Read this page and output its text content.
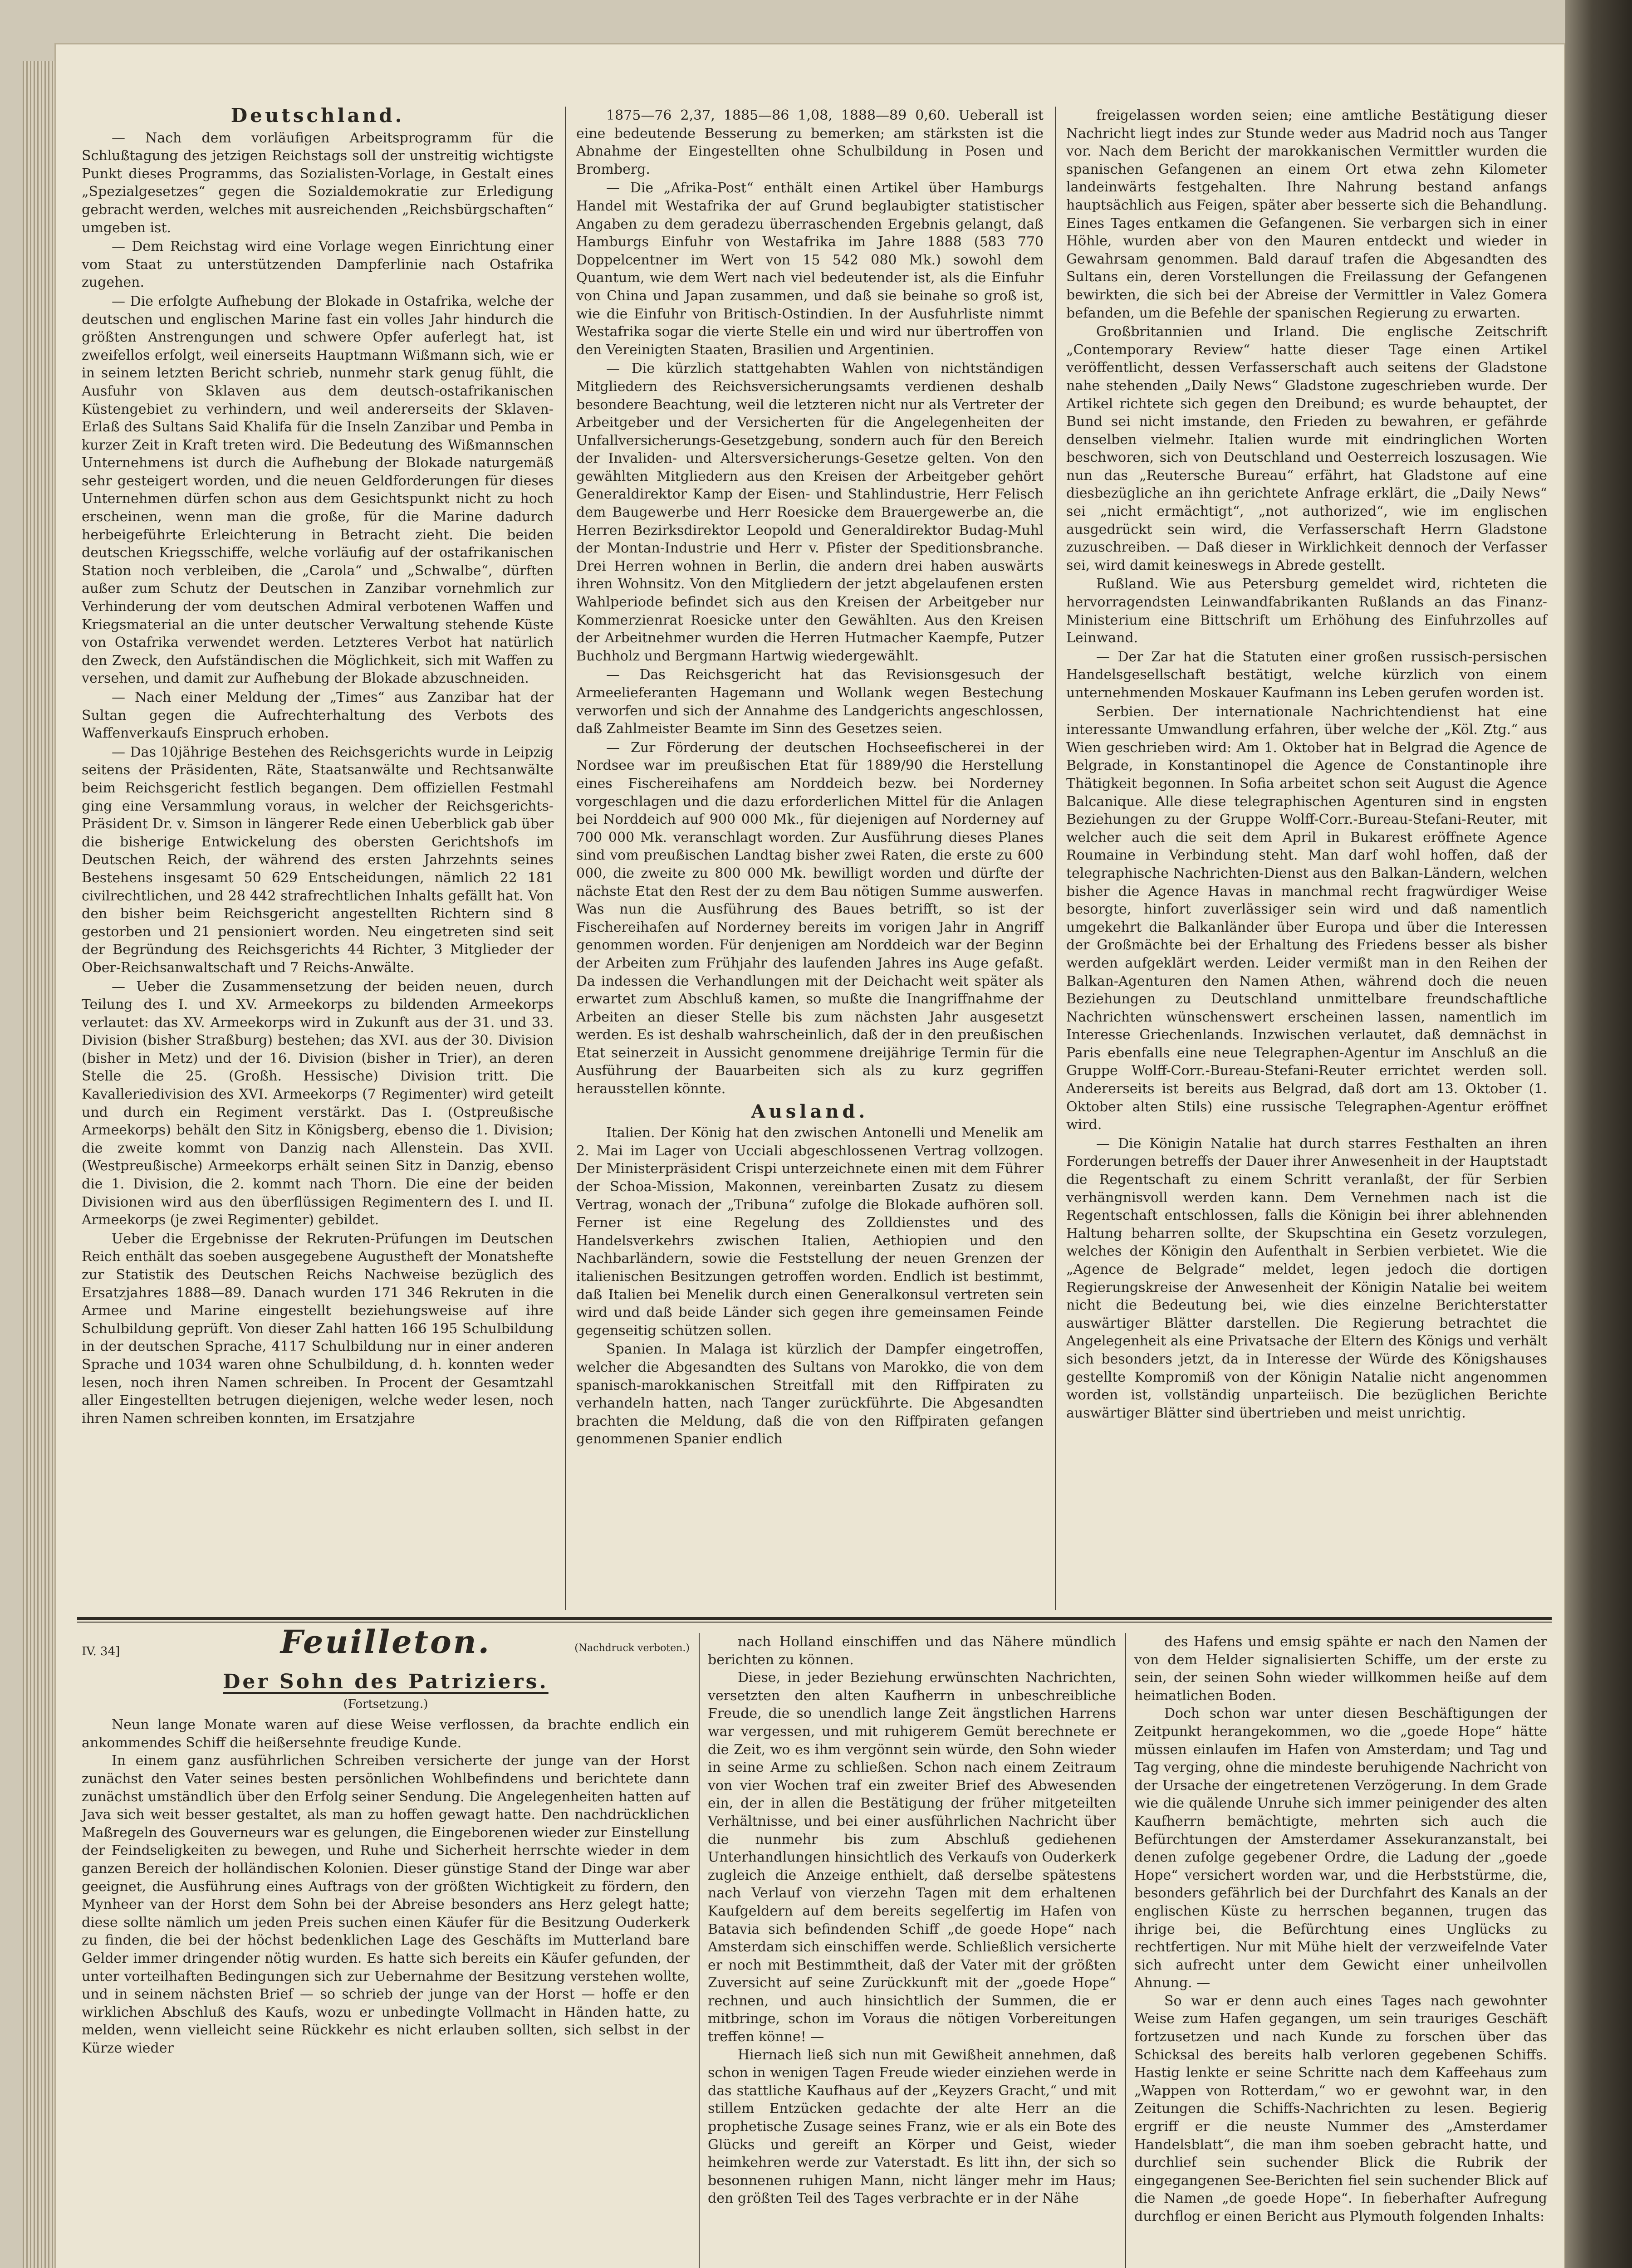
Deutschland.

— Nach dem vorläufigen Arbeitsprogramm für die Schlußtagung des jetzigen Reichstags soll der unstreitig wichtigste Punkt dieses Programms, das Sozialisten-Vorlage, in Gestalt eines „Spezialgesetzes“ gegen die Sozialdemokratie zur Erledigung gebracht werden, welches mit ausreichenden „Reichsbürgschaften“ umgeben ist.

— Dem Reichstag wird eine Vorlage wegen Einrichtung einer vom Staat zu unterstützenden Dampferlinie nach Ostafrika zugehen.

— Die erfolgte Aufhebung der Blokade in Ostafrika, welche der deutschen und englischen Marine fast ein volles Jahr hindurch die größten Anstrengungen und schwere Opfer auferlegt hat, ist zweifellos erfolgt, weil einerseits Hauptmann Wißmann sich, wie er in seinem letzten Bericht schrieb, nunmehr stark genug fühlt, die Ausfuhr von Sklaven aus dem deutsch-ostafrikanischen Küstengebiet zu verhindern, und weil andererseits der Sklaven-Erlaß des Sultans Said Khalifa für die Inseln Zanzibar und Pemba in kurzer Zeit in Kraft treten wird. Die Bedeutung des Wißmannschen Unternehmens ist durch die Aufhebung der Blokade naturgemäß sehr gesteigert worden, und die neuen Geldforderungen für dieses Unternehmen dürfen schon aus dem Gesichtspunkt nicht zu hoch erscheinen, wenn man die große, für die Marine dadurch herbeigeführte Erleichterung in Betracht zieht. Die beiden deutschen Kriegsschiffe, welche vorläufig auf der ostafrikanischen Station noch verbleiben, die „Carola“ und „Schwalbe“, dürften außer zum Schutz der Deutschen in Zanzibar vornehmlich zur Verhinderung der vom deutschen Admiral verbotenen Waffen und Kriegsmaterial an die unter deutscher Verwaltung stehende Küste von Ostafrika verwendet werden. Letzteres Verbot hat natürlich den Zweck, den Aufständischen die Möglichkeit, sich mit Waffen zu versehen, und damit zur Aufhebung der Blokade abzuschneiden.

— Nach einer Meldung der „Times“ aus Zanzibar hat der Sultan gegen die Aufrechterhaltung des Verbots des Waffenverkaufs Einspruch erhoben.

— Das 10jährige Bestehen des Reichsgerichts wurde in Leipzig seitens der Präsidenten, Räte, Staatsanwälte und Rechtsanwälte beim Reichsgericht festlich begangen. Dem offiziellen Festmahl ging eine Versammlung voraus, in welcher der Reichsgerichts-Präsident Dr. v. Simson in längerer Rede einen Ueberblick gab über die bisherige Entwickelung des obersten Gerichtshofs im Deutschen Reich, der während des ersten Jahrzehnts seines Bestehens insgesamt 50 629 Entscheidungen, nämlich 22 181 civilrechtlichen, und 28 442 strafrechtlichen Inhalts gefällt hat. Von den bisher beim Reichsgericht angestellten Richtern sind 8 gestorben und 21 pensioniert worden. Neu eingetreten sind seit der Begründung des Reichsgerichts 44 Richter, 3 Mitglieder der Ober-Reichsanwaltschaft und 7 Reichs-Anwälte.

— Ueber die Zusammensetzung der beiden neuen, durch Teilung des I. und XV. Armeekorps zu bildenden Armeekorps verlautet: das XV. Armeekorps wird in Zukunft aus der 31. und 33. Division (bisher Straßburg) bestehen; das XVI. aus der 30. Division (bisher in Metz) und der 16. Division (bisher in Trier), an deren Stelle die 25. (Großh. Hessische) Division tritt. Die Kavalleriedivision des XVI. Armeekorps (7 Regimenter) wird geteilt und durch ein Regiment verstärkt. Das I. (Ostpreußische Armeekorps) behält den Sitz in Königsberg, ebenso die 1. Division; die zweite kommt von Danzig nach Allenstein. Das XVII. (Westpreußische) Armeekorps erhält seinen Sitz in Danzig, ebenso die 1. Division, die 2. kommt nach Thorn. Die eine der beiden Divisionen wird aus den überflüssigen Regimentern des I. und II. Armeekorps (je zwei Regimenter) gebildet.

Ueber die Ergebnisse der Rekruten-Prüfungen im Deutschen Reich enthält das soeben ausgegebene Augustheft der Monatshefte zur Statistik des Deutschen Reichs Nachweise bezüglich des Ersatzjahres 1888—89. Danach wurden 171 346 Rekruten in die Armee und Marine eingestellt beziehungsweise auf ihre Schulbildung geprüft. Von dieser Zahl hatten 166 195 Schulbildung in der deutschen Sprache, 4117 Schulbildung nur in einer anderen Sprache und 1034 waren ohne Schulbildung, d. h. konnten weder lesen, noch ihren Namen schreiben. In Procent der Gesamtzahl aller Eingestellten betrugen diejenigen, welche weder lesen, noch ihren Namen schreiben konnten, im Ersatzjahre

1875—76 2,37, 1885—86 1,08, 1888—89 0,60. Ueberall ist eine bedeutende Besserung zu bemerken; am stärksten ist die Abnahme der Eingestellten ohne Schulbildung in Posen und Bromberg.

— Die „Afrika-Post“ enthält einen Artikel über Hamburgs Handel mit Westafrika der auf Grund beglaubigter statistischer Angaben zu dem geradezu überraschenden Ergebnis gelangt, daß Hamburgs Einfuhr von Westafrika im Jahre 1888 (583 770 Doppelcentner im Wert von 15 542 080 Mk.) sowohl dem Quantum, wie dem Wert nach viel bedeutender ist, als die Einfuhr von China und Japan zusammen, und daß sie beinahe so groß ist, wie die Einfuhr von Britisch-Ostindien. In der Ausfuhrliste nimmt Westafrika sogar die vierte Stelle ein und wird nur übertroffen von den Vereinigten Staaten, Brasilien und Argentinien.

— Die kürzlich stattgehabten Wahlen von nichtständigen Mitgliedern des Reichsversicherungsamts verdienen deshalb besondere Beachtung, weil die letzteren nicht nur als Vertreter der Arbeitgeber und der Versicherten für die Angelegenheiten der Unfallversicherungs-Gesetzgebung, sondern auch für den Bereich der Invaliden- und Altersversicherungs-Gesetze gelten. Von den gewählten Mitgliedern aus den Kreisen der Arbeitgeber gehört Generaldirektor Kamp der Eisen- und Stahlindustrie, Herr Felisch dem Baugewerbe und Herr Roesicke dem Brauergewerbe an, die Herren Bezirksdirektor Leopold und Generaldirektor Budag-Muhl der Montan-Industrie und Herr v. Pfister der Speditionsbranche. Drei Herren wohnen in Berlin, die andern drei haben auswärts ihren Wohnsitz. Von den Mitgliedern der jetzt abgelaufenen ersten Wahlperiode befindet sich aus den Kreisen der Arbeitgeber nur Kommerzienrat Roesicke unter den Gewählten. Aus den Kreisen der Arbeitnehmer wurden die Herren Hutmacher Kaempfe, Putzer Buchholz und Bergmann Hartwig wiedergewählt.

— Das Reichsgericht hat das Revisionsgesuch der Armeelieferanten Hagemann und Wollank wegen Bestechung verworfen und sich der Annahme des Landgerichts angeschlossen, daß Zahlmeister Beamte im Sinn des Gesetzes seien.

— Zur Förderung der deutschen Hochseefischerei in der Nordsee war im preußischen Etat für 1889/90 die Herstellung eines Fischereihafens am Norddeich bezw. bei Norderney vorgeschlagen und die dazu erforderlichen Mittel für die Anlagen bei Norddeich auf 900 000 Mk., für diejenigen auf Norderney auf 700 000 Mk. veranschlagt worden. Zur Ausführung dieses Planes sind vom preußischen Landtag bisher zwei Raten, die erste zu 600 000, die zweite zu 800 000 Mk. bewilligt worden und dürfte der nächste Etat den Rest der zu dem Bau nötigen Summe auswerfen. Was nun die Ausführung des Baues betrifft, so ist der Fischereihafen auf Norderney bereits im vorigen Jahr in Angriff genommen worden. Für denjenigen am Norddeich war der Beginn der Arbeiten zum Frühjahr des laufenden Jahres ins Auge gefaßt. Da indessen die Verhandlungen mit der Deichacht weit später als erwartet zum Abschluß kamen, so mußte die Inangriffnahme der Arbeiten an dieser Stelle bis zum nächsten Jahr ausgesetzt werden. Es ist deshalb wahrscheinlich, daß der in den preußischen Etat seinerzeit in Aussicht genommene dreijährige Termin für die Ausführung der Bauarbeiten sich als zu kurz gegriffen herausstellen könnte.

Ausland.

Italien. Der König hat den zwischen Antonelli und Menelik am 2. Mai im Lager von Ucciali abgeschlossenen Vertrag vollzogen. Der Ministerpräsident Crispi unterzeichnete einen mit dem Führer der Schoa-Mission, Makonnen, vereinbarten Zusatz zu diesem Vertrag, wonach der „Tribuna“ zufolge die Blokade aufhören soll. Ferner ist eine Regelung des Zolldienstes und des Handelsverkehrs zwischen Italien, Aethiopien und den Nachbarländern, sowie die Feststellung der neuen Grenzen der italienischen Besitzungen getroffen worden. Endlich ist bestimmt, daß Italien bei Menelik durch einen Generalkonsul vertreten sein wird und daß beide Länder sich gegen ihre gemeinsamen Feinde gegenseitig schützen sollen.

Spanien. In Malaga ist kürzlich der Dampfer eingetroffen, welcher die Abgesandten des Sultans von Marokko, die von dem spanisch-marokkanischen Streitfall mit den Riffpiraten zu verhandeln hatten, nach Tanger zurückführte. Die Abgesandten brachten die Meldung, daß die von den Riffpiraten gefangen genommenen Spanier endlich

freigelassen worden seien; eine amtliche Bestätigung dieser Nachricht liegt indes zur Stunde weder aus Madrid noch aus Tanger vor. Nach dem Bericht der marokkanischen Vermittler wurden die spanischen Gefangenen an einem Ort etwa zehn Kilometer landeinwärts festgehalten. Ihre Nahrung bestand anfangs hauptsächlich aus Feigen, später aber besserte sich die Behandlung. Eines Tages entkamen die Gefangenen. Sie verbargen sich in einer Höhle, wurden aber von den Mauren entdeckt und wieder in Gewahrsam genommen. Bald darauf trafen die Abgesandten des Sultans ein, deren Vorstellungen die Freilassung der Gefangenen bewirkten, die sich bei der Abreise der Vermittler in Valez Gomera befanden, um die Befehle der spanischen Regierung zu erwarten.

Großbritannien und Irland. Die englische Zeitschrift „Contemporary Review“ hatte dieser Tage einen Artikel veröffentlicht, dessen Verfasserschaft auch seitens der Gladstone nahe stehenden „Daily News“ Gladstone zugeschrieben wurde. Der Artikel richtete sich gegen den Dreibund; es wurde behauptet, der Bund sei nicht imstande, den Frieden zu bewahren, er gefährde denselben vielmehr. Italien wurde mit eindringlichen Worten beschworen, sich von Deutschland und Oesterreich loszusagen. Wie nun das „Reutersche Bureau“ erfährt, hat Gladstone auf eine diesbezügliche an ihn gerichtete Anfrage erklärt, die „Daily News“ sei „nicht ermächtigt“, „not authorized“, wie im englischen ausgedrückt sein wird, die Verfasserschaft Herrn Gladstone zuzuschreiben. — Daß dieser in Wirklichkeit dennoch der Verfasser sei, wird damit keineswegs in Abrede gestellt.

Rußland. Wie aus Petersburg gemeldet wird, richteten die hervorragendsten Leinwandfabrikanten Rußlands an das Finanz-Ministerium eine Bittschrift um Erhöhung des Einfuhrzolles auf Leinwand.

— Der Zar hat die Statuten einer großen russisch-persischen Handelsgesellschaft bestätigt, welche kürzlich von einem unternehmenden Moskauer Kaufmann ins Leben gerufen worden ist.

Serbien. Der internationale Nachrichtendienst hat eine interessante Umwandlung erfahren, über welche der „Köl. Ztg.“ aus Wien geschrieben wird: Am 1. Oktober hat in Belgrad die Agence de Belgrade, in Konstantinopel die Agence de Constantinople ihre Thätigkeit begonnen. In Sofia arbeitet schon seit August die Agence Balcanique. Alle diese telegraphischen Agenturen sind in engsten Beziehungen zu der Gruppe Wolff-Corr.-Bureau-Stefani-Reuter, mit welcher auch die seit dem April in Bukarest eröffnete Agence Roumaine in Verbindung steht. Man darf wohl hoffen, daß der telegraphische Nachrichten-Dienst aus den Balkan-Ländern, welchen bisher die Agence Havas in manchmal recht fragwürdiger Weise besorgte, hinfort zuverlässiger sein wird und daß namentlich umgekehrt die Balkanländer über Europa und über die Interessen der Großmächte bei der Erhaltung des Friedens besser als bisher werden aufgeklärt werden. Leider vermißt man in den Reihen der Balkan-Agenturen den Namen Athen, während doch die neuen Beziehungen zu Deutschland unmittelbare freundschaftliche Nachrichten wünschenswert erscheinen lassen, namentlich im Interesse Griechenlands. Inzwischen verlautet, daß demnächst in Paris ebenfalls eine neue Telegraphen-Agentur im Anschluß an die Gruppe Wolff-Corr.-Bureau-Stefani-Reuter errichtet werden soll. Andererseits ist bereits aus Belgrad, daß dort am 13. Oktober (1. Oktober alten Stils) eine russische Telegraphen-Agentur eröffnet wird.

— Die Königin Natalie hat durch starres Festhalten an ihren Forderungen betreffs der Dauer ihrer Anwesenheit in der Hauptstadt die Regentschaft zu einem Schritt veranlaßt, der für Serbien verhängnisvoll werden kann. Dem Vernehmen nach ist die Regentschaft entschlossen, falls die Königin bei ihrer ablehnenden Haltung beharren sollte, der Skupschtina ein Gesetz vorzulegen, welches der Königin den Aufenthalt in Serbien verbietet. Wie die „Agence de Belgrade“ meldet, legen jedoch die dortigen Regierungskreise der Anwesenheit der Königin Natalie bei weitem nicht die Bedeutung bei, wie dies einzelne Berichterstatter auswärtiger Blätter darstellen. Die Regierung betrachtet die Angelegenheit als eine Privatsache der Eltern des Königs und verhält sich besonders jetzt, da in Interesse der Würde des Königshauses gestellte Kompromiß von der Königin Natalie nicht angenommen worden ist, vollständig unparteiisch. Die bezüglichen Berichte auswärtiger Blätter sind übertrieben und meist unrichtig.

IV. 34]	Feuilleton.	(Nachdruck verboten.)
Der Sohn des Patriziers.
(Fortsetzung.)

Neun lange Monate waren auf diese Weise verflossen, da brachte endlich ein ankommendes Schiff die heißersehnte freudige Kunde.

In einem ganz ausführlichen Schreiben versicherte der junge van der Horst zunächst den Vater seines besten persönlichen Wohlbefindens und berichtete dann zunächst umständlich über den Erfolg seiner Sendung. Die Angelegenheiten hatten auf Java sich weit besser gestaltet, als man zu hoffen gewagt hatte. Den nachdrücklichen Maßregeln des Gouverneurs war es gelungen, die Eingeborenen wieder zur Einstellung der Feindseligkeiten zu bewegen, und Ruhe und Sicherheit herrschte wieder in dem ganzen Bereich der holländischen Kolonien. Dieser günstige Stand der Dinge war aber geeignet, die Ausführung eines Auftrags von der größten Wichtigkeit zu fördern, den Mynheer van der Horst dem Sohn bei der Abreise besonders ans Herz gelegt hatte; diese sollte nämlich um jeden Preis suchen einen Käufer für die Besitzung Ouderkerk zu finden, die bei der höchst bedenklichen Lage des Geschäfts im Mutterland bare Gelder immer dringender nötig wurden. Es hatte sich bereits ein Käufer gefunden, der unter vorteilhaften Bedingungen sich zur Uebernahme der Besitzung verstehen wollte, und in seinem nächsten Brief — so schrieb der junge van der Horst — hoffe er den wirklichen Abschluß des Kaufs, wozu er unbedingte Vollmacht in Händen hatte, zu melden, wenn vielleicht seine Rückkehr es nicht erlauben sollten, sich selbst in der Kürze wieder

nach Holland einschiffen und das Nähere mündlich berichten zu können.

Diese, in jeder Beziehung erwünschten Nachrichten, versetzten den alten Kaufherrn in unbeschreibliche Freude, die so unendlich lange Zeit ängstlichen Harrens war vergessen, und mit ruhigerem Gemüt berechnete er die Zeit, wo es ihm vergönnt sein würde, den Sohn wieder in seine Arme zu schließen. Schon nach einem Zeitraum von vier Wochen traf ein zweiter Brief des Abwesenden ein, der in allen die Bestätigung der früher mitgeteilten Verhältnisse, und bei einer ausführlichen Nachricht über die nunmehr bis zum Abschluß gediehenen Unterhandlungen hinsichtlich des Verkaufs von Ouderkerk zugleich die Anzeige enthielt, daß derselbe spätestens nach Verlauf von vierzehn Tagen mit dem erhaltenen Kaufgeldern auf dem bereits segelfertig im Hafen von Batavia sich befindenden Schiff „de goede Hope“ nach Amsterdam sich einschiffen werde. Schließlich versicherte er noch mit Bestimmtheit, daß der Vater mit der größten Zuversicht auf seine Zurückkunft mit der „goede Hope“ rechnen, und auch hinsichtlich der Summen, die er mitbringe, schon im Voraus die nötigen Vorbereitungen treffen könne! —

Hiernach ließ sich nun mit Gewißheit annehmen, daß schon in wenigen Tagen Freude wieder einziehen werde in das stattliche Kaufhaus auf der „Keyzers Gracht,“ und mit stillem Entzücken gedachte der alte Herr an die prophetische Zusage seines Franz, wie er als ein Bote des Glücks und gereift an Körper und Geist, wieder heimkehren werde zur Vaterstadt. Es litt ihn, der sich so besonnenen ruhigen Mann, nicht länger mehr im Haus; den größten Teil des Tages verbrachte er in der Nähe

des Hafens und emsig spähte er nach den Namen der von dem Helder signalisierten Schiffe, um der erste zu sein, der seinen Sohn wieder willkommen heiße auf dem heimatlichen Boden.

Doch schon war unter diesen Beschäftigungen der Zeitpunkt herangekommen, wo die „goede Hope“ hätte müssen einlaufen im Hafen von Amsterdam; und Tag und Tag verging, ohne die mindeste beruhigende Nachricht von der Ursache der eingetretenen Verzögerung. In dem Grade wie die quälende Unruhe sich immer peinigender des alten Kaufherrn bemächtigte, mehrten sich auch die Befürchtungen der Amsterdamer Assekuranzanstalt, bei denen zufolge gegebener Ordre, die Ladung der „goede Hope“ versichert worden war, und die Herbststürme, die, besonders gefährlich bei der Durchfahrt des Kanals an der englischen Küste zu herrschen begannen, trugen das ihrige bei, die Befürchtung eines Unglücks zu rechtfertigen. Nur mit Mühe hielt der verzweifelnde Vater sich aufrecht unter dem Gewicht einer unheilvollen Ahnung. —

So war er denn auch eines Tages nach gewohnter Weise zum Hafen gegangen, um sein trauriges Geschäft fortzusetzen und nach Kunde zu forschen über das Schicksal des bereits halb verloren gegebenen Schiffs. Hastig lenkte er seine Schritte nach dem Kaffeehaus zum „Wappen von Rotterdam,“ wo er gewohnt war, in den Zeitungen die Schiffs-Nachrichten zu lesen. Begierig ergriff er die neuste Nummer des „Amsterdamer Handelsblatt“, die man ihm soeben gebracht hatte, und durchlief sein suchender Blick die Rubrik der eingegangenen See-Berichten fiel sein suchender Blick auf die Namen „de goede Hope“. In fieberhafter Aufregung durchflog er einen Bericht aus Plymouth folgenden Inhalts:
